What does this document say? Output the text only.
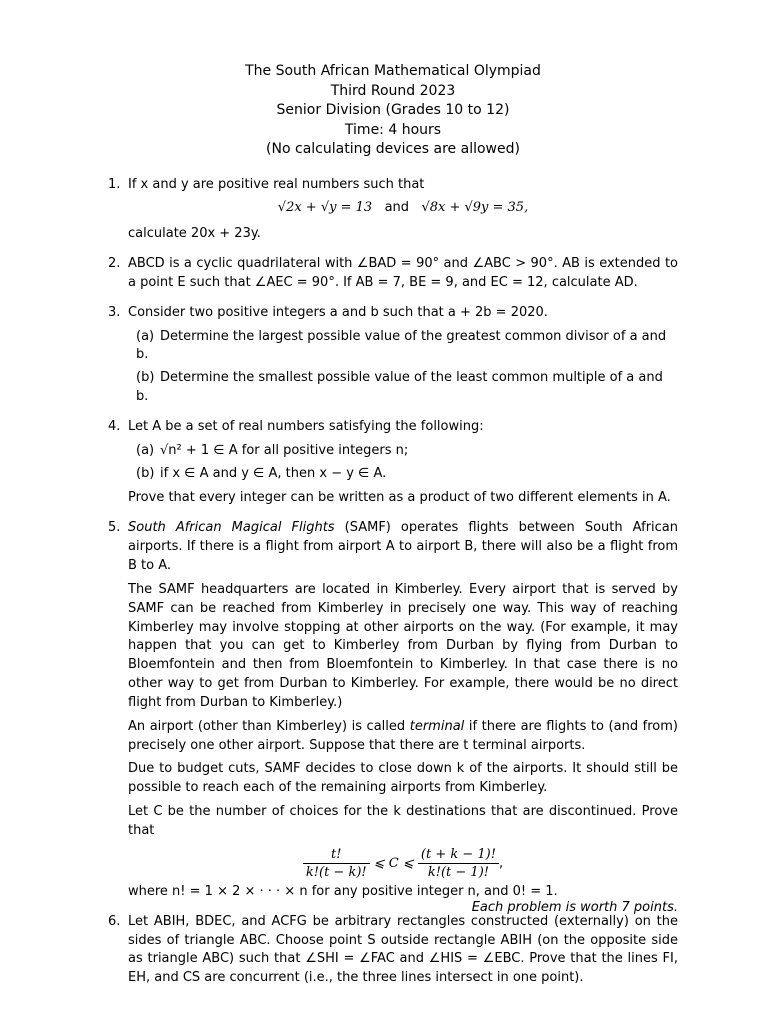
The South African Mathematical Olympiad
Third Round 2023
Senior Division (Grades 10 to 12)
Time: 4 hours
(No calculating devices are allowed)
1. If x and y are positive real numbers such that

√2x + √y = 13 and √8x + √9y = 35,

calculate 20x + 23y.

2. ABCD is a cyclic quadrilateral with ∠BAD = 90° and ∠ABC > 90°. AB is extended to a point E such that ∠AEC = 90°. If AB = 7, BE = 9, and EC = 12, calculate AD.

3. Consider two positive integers a and b such that a + 2b = 2020.

(a) Determine the largest possible value of the greatest common divisor of a and b.
(b) Determine the smallest possible value of the least common multiple of a and b.
4. Let A be a set of real numbers satisfying the following:

(a) √n² + 1 ∈ A for all positive integers n;
(b) if x ∈ A and y ∈ A, then x − y ∈ A.

Prove that every integer can be written as a product of two different elements in A.

5. South African Magical Flights (SAMF) operates flights between South African airports. If there is a flight from airport A to airport B, there will also be a flight from B to A.

The SAMF headquarters are located in Kimberley. Every airport that is served by SAMF can be reached from Kimberley in precisely one way. This way of reaching Kimberley may involve stopping at other airports on the way. (For example, it may happen that you can get to Kimberley from Durban by flying from Durban to Bloemfontein and then from Bloemfontein to Kimberley. In that case there is no other way to get from Durban to Kimberley. For example, there would be no direct flight from Durban to Kimberley.)

An airport (other than Kimberley) is called terminal if there are flights to (and from) precisely one other airport. Suppose that there are t terminal airports.

Due to budget cuts, SAMF decides to close down k of the airports. It should still be possible to reach each of the remaining airports from Kimberley.

Let C be the number of choices for the k destinations that are discontinued. Prove that

$\frac{t!}{k!(t - k)!}$ ⩽ C ⩽ $\frac{(t + k - 1)!}{k!(t - 1)!}$ ,

where n! = 1 × 2 × · · · × n for any positive integer n, and 0! = 1.

6. Let ABIH, BDEC, and ACFG be arbitrary rectangles constructed (externally) on the sides of triangle ABC. Choose point S outside rectangle ABIH (on the opposite side as triangle ABC) such that ∠SHI = ∠FAC and ∠HIS = ∠EBC. Prove that the lines FI, EH, and CS are concurrent (i.e., the three lines intersect in one point).

Each problem is worth 7 points.
